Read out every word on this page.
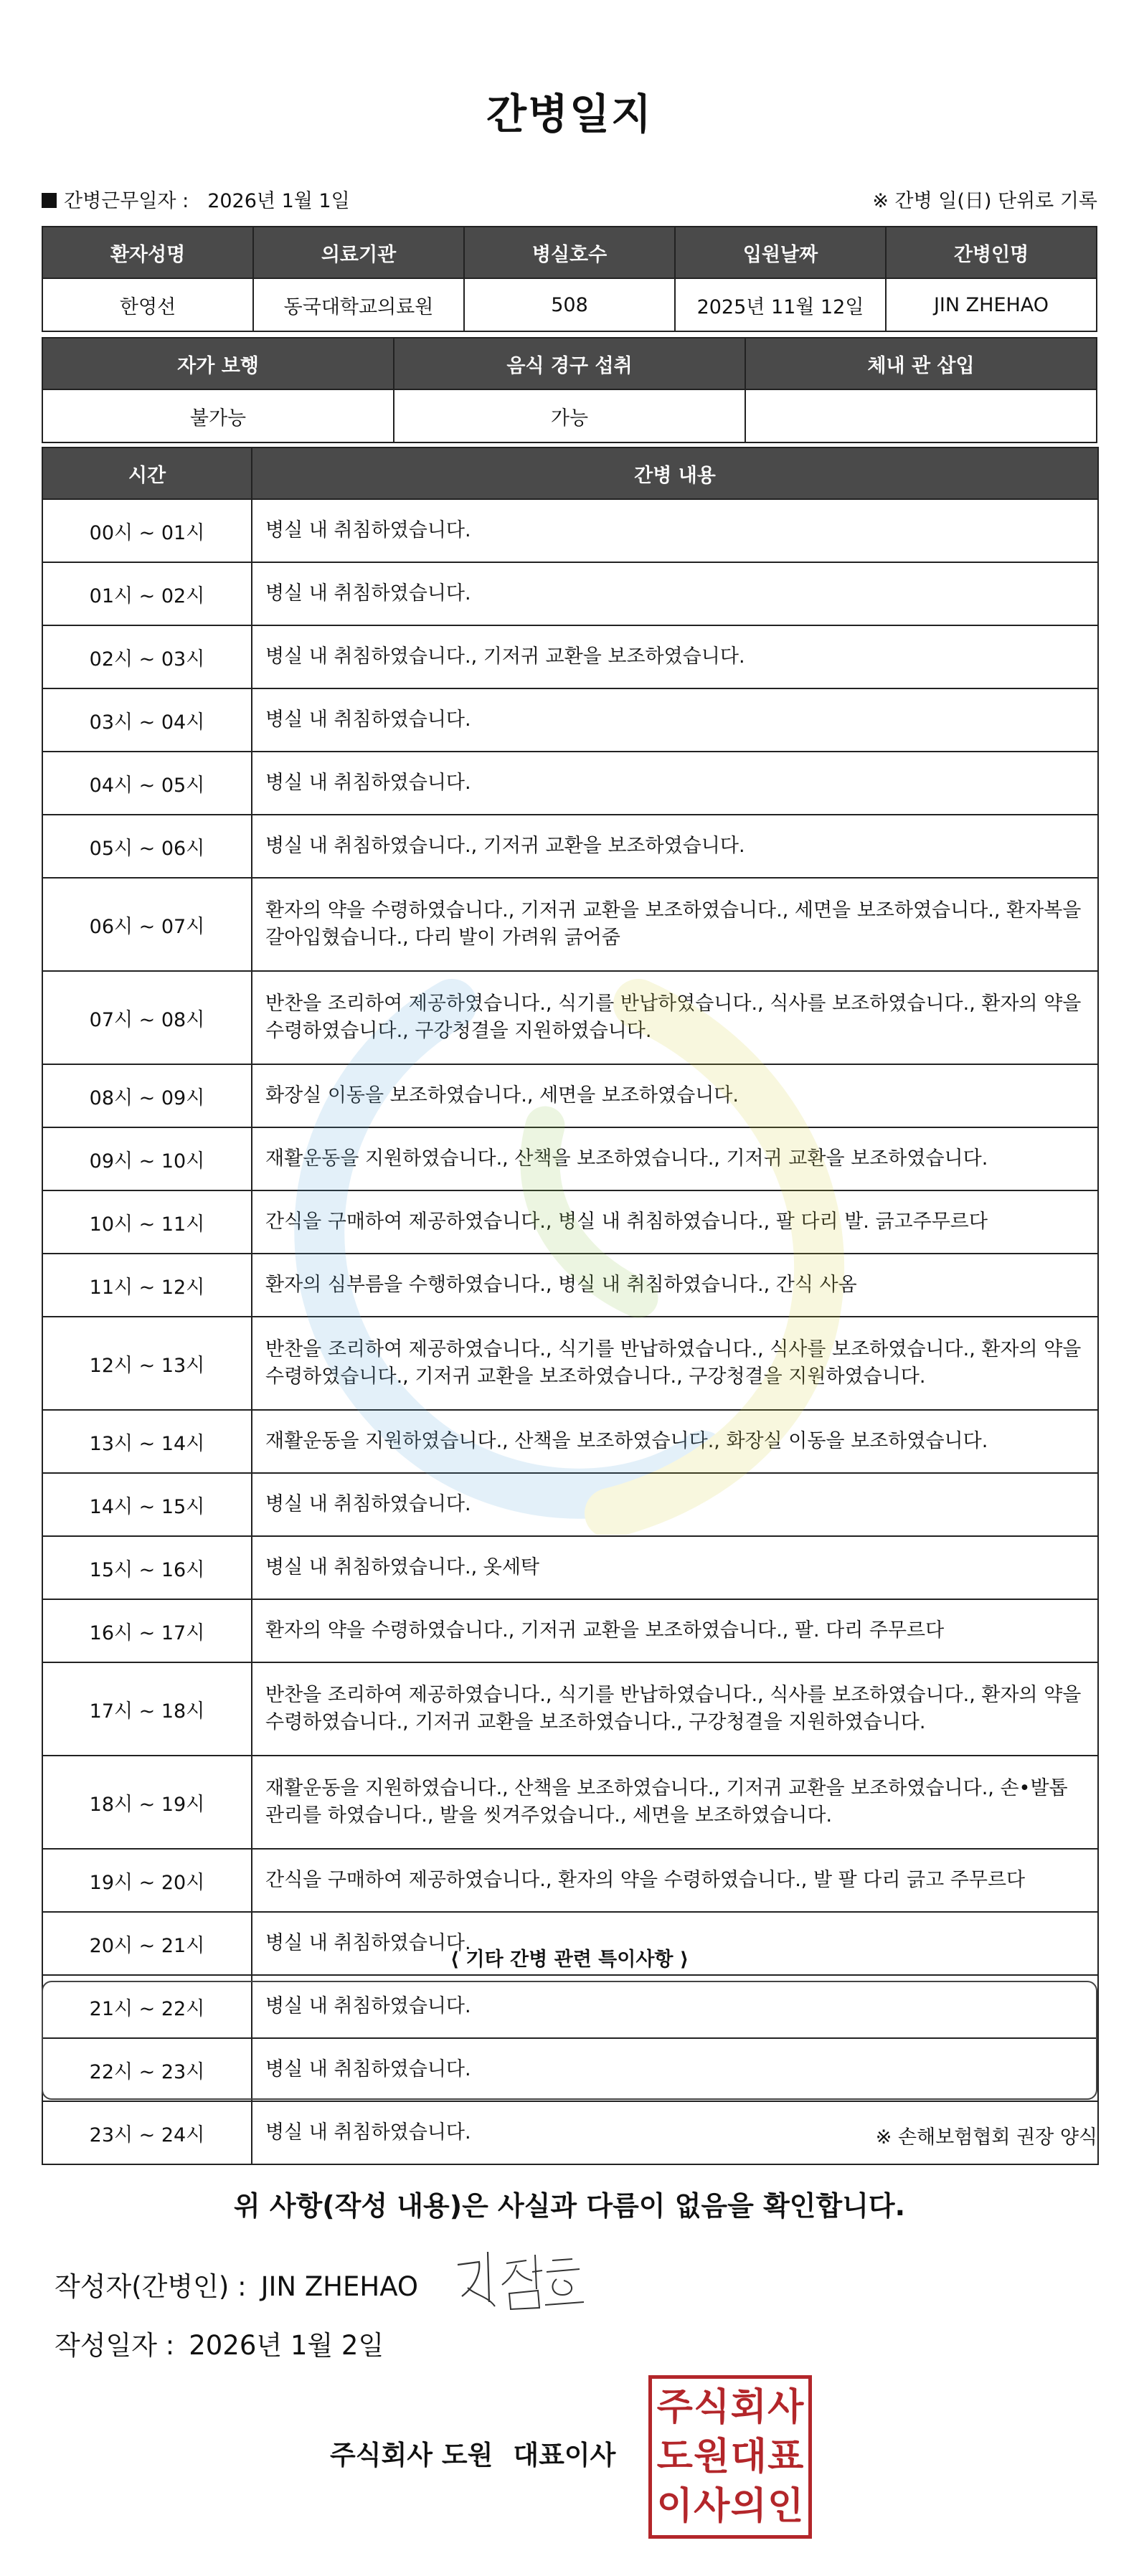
간병일지
간병근무일자 : 2026년 1월 1일	※ 간병 일(日) 단위로 기록
환자성명	의료기관	병실호수	입원날짜	간병인명
한영선	동국대학교의료원	508	2025년 11월 12일	JIN ZHEHAO
자가 보행	음식 경구 섭취	체내 관 삽입
불가능	가능	
시간	간병 내용
00시 ~ 01시	병실 내 취침하였습니다.
01시 ~ 02시	병실 내 취침하였습니다.
02시 ~ 03시	병실 내 취침하였습니다., 기저귀 교환을 보조하였습니다.
03시 ~ 04시	병실 내 취침하였습니다.
04시 ~ 05시	병실 내 취침하였습니다.
05시 ~ 06시	병실 내 취침하였습니다., 기저귀 교환을 보조하였습니다.
06시 ~ 07시	환자의 약을 수령하였습니다., 기저귀 교환을 보조하였습니다., 세면을 보조하였습니다., 환자복을 갈아입혔습니다., 다리 발이 가려워 긁어줌
07시 ~ 08시	반찬을 조리하여 제공하였습니다., 식기를 반납하였습니다., 식사를 보조하였습니다., 환자의 약을 수령하였습니다., 구강청결을 지원하였습니다.
08시 ~ 09시	화장실 이동을 보조하였습니다., 세면을 보조하였습니다.
09시 ~ 10시	재활운동을 지원하였습니다., 산책을 보조하였습니다., 기저귀 교환을 보조하였습니다.
10시 ~ 11시	간식을 구매하여 제공하였습니다., 병실 내 취침하였습니다., 팔 다리 발. 긁고주무르다
11시 ~ 12시	환자의 심부름을 수행하였습니다., 병실 내 취침하였습니다., 간식 사옴
12시 ~ 13시	반찬을 조리하여 제공하였습니다., 식기를 반납하였습니다., 식사를 보조하였습니다., 환자의 약을 수령하였습니다., 기저귀 교환을 보조하였습니다., 구강청결을 지원하였습니다.
13시 ~ 14시	재활운동을 지원하였습니다., 산책을 보조하였습니다., 화장실 이동을 보조하였습니다.
14시 ~ 15시	병실 내 취침하였습니다.
15시 ~ 16시	병실 내 취침하였습니다., 옷세탁
16시 ~ 17시	환자의 약을 수령하였습니다., 기저귀 교환을 보조하였습니다., 팔. 다리 주무르다
17시 ~ 18시	반찬을 조리하여 제공하였습니다., 식기를 반납하였습니다., 식사를 보조하였습니다., 환자의 약을 수령하였습니다., 기저귀 교환을 보조하였습니다., 구강청결을 지원하였습니다.
18시 ~ 19시	재활운동을 지원하였습니다., 산책을 보조하였습니다., 기저귀 교환을 보조하였습니다., 손•발톱 관리를 하였습니다., 발을 씻겨주었습니다., 세면을 보조하였습니다.
19시 ~ 20시	간식을 구매하여 제공하였습니다., 환자의 약을 수령하였습니다., 발 팔 다리 긁고 주무르다
20시 ~ 21시	병실 내 취침하였습니다.
21시 ~ 22시	병실 내 취침하였습니다.
22시 ~ 23시	병실 내 취침하였습니다.
23시 ~ 24시	병실 내 취침하였습니다.
⟨ 기타 간병 관련 특이사항 ⟩
※ 손해보험협회 권장 양식
위 사항(작성 내용)은 사실과 다름이 없음을 확인합니다.
작성자(간병인) : JIN ZHEHAO
작성일자 : 2026년 1월 2일
주식회사 도원 대표이사
주 식 회 사
도 원 대 표
이 사 의 인
